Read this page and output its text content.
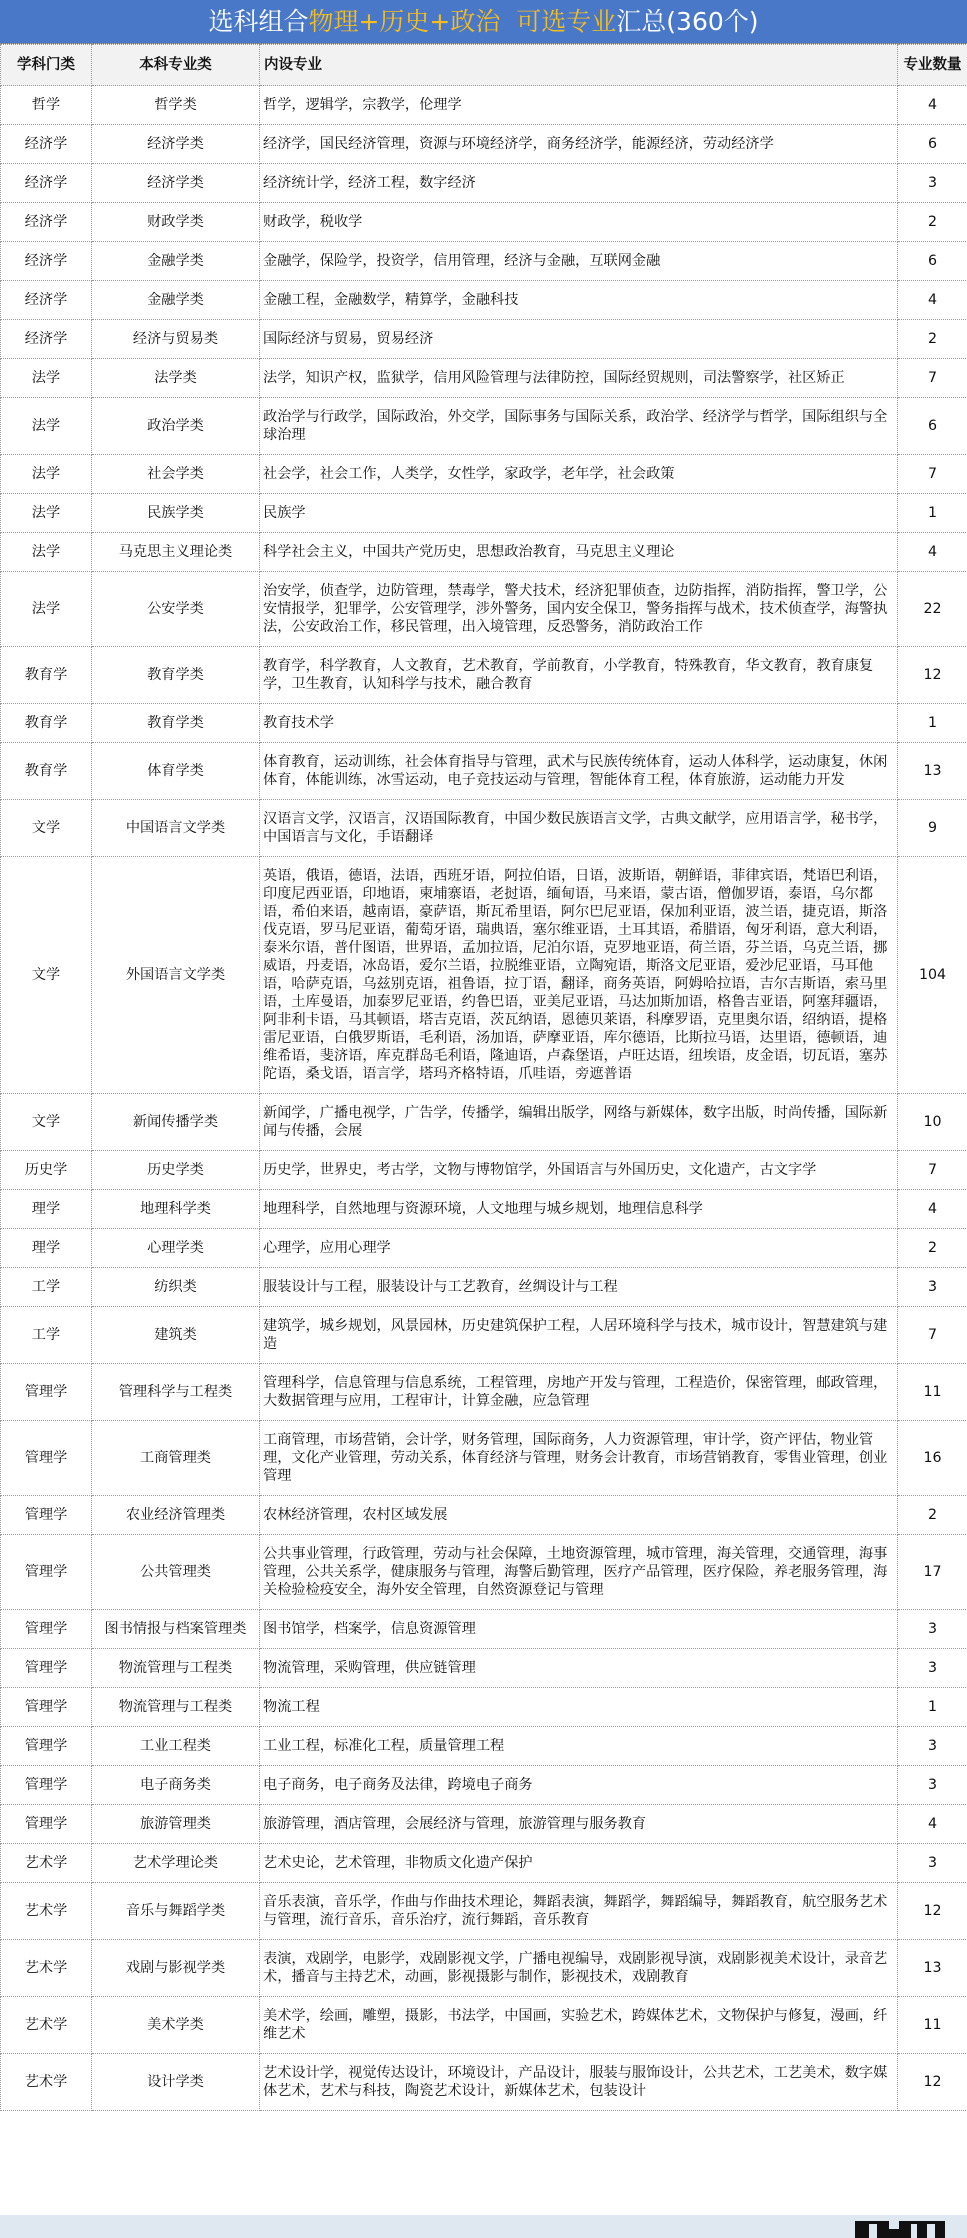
选科组合物理+历史+政治 可选专业汇总(360个)
学科门类	本科专业类	内设专业	专业数量
哲学	哲学类	哲学，逻辑学，宗教学，伦理学	4
经济学	经济学类	经济学，国民经济管理，资源与环境经济学，商务经济学，能源经济，劳动经济学	6
经济学	经济学类	经济统计学，经济工程，数字经济	3
经济学	财政学类	财政学，税收学	2
经济学	金融学类	金融学，保险学，投资学，信用管理，经济与金融，互联网金融	6
经济学	金融学类	金融工程，金融数学，精算学，金融科技	4
经济学	经济与贸易类	国际经济与贸易，贸易经济	2
法学	法学类	法学，知识产权，监狱学，信用风险管理与法律防控，国际经贸规则，司法警察学，社区矫正	7
法学	政治学类	政治学与行政学，国际政治，外交学，国际事务与国际关系，政治学、经济学与哲学，国际组织与全球治理	6
法学	社会学类	社会学，社会工作，人类学，女性学，家政学，老年学，社会政策	7
法学	民族学类	民族学	1
法学	马克思主义理论类	科学社会主义，中国共产党历史，思想政治教育，马克思主义理论	4
法学	公安学类	治安学，侦查学，边防管理，禁毒学，警犬技术，经济犯罪侦查，边防指挥，消防指挥，警卫学，公安情报学，犯罪学，公安管理学，涉外警务，国内安全保卫，警务指挥与战术，技术侦查学，海警执法，公安政治工作，移民管理，出入境管理，反恐警务，消防政治工作	22
教育学	教育学类	教育学，科学教育，人文教育，艺术教育，学前教育，小学教育，特殊教育，华文教育，教育康复学，卫生教育，认知科学与技术，融合教育	12
教育学	教育学类	教育技术学	1
教育学	体育学类	体育教育，运动训练，社会体育指导与管理，武术与民族传统体育，运动人体科学，运动康复，休闲体育，体能训练，冰雪运动，电子竞技运动与管理，智能体育工程，体育旅游，运动能力开发	13
文学	中国语言文学类	汉语言文学，汉语言，汉语国际教育，中国少数民族语言文学，古典文献学，应用语言学，秘书学，中国语言与文化，手语翻译	9
文学	外国语言文学类	英语，俄语，德语，法语，西班牙语，阿拉伯语，日语，波斯语，朝鲜语，菲律宾语，梵语巴利语，印度尼西亚语，印地语，柬埔寨语，老挝语，缅甸语，马来语，蒙古语，僧伽罗语，泰语，乌尔都语，希伯来语，越南语，豪萨语，斯瓦希里语，阿尔巴尼亚语，保加利亚语，波兰语，捷克语，斯洛伐克语，罗马尼亚语，葡萄牙语，瑞典语，塞尔维亚语，土耳其语，希腊语，匈牙利语，意大利语，泰米尔语，普什图语，世界语，孟加拉语，尼泊尔语，克罗地亚语，荷兰语，芬兰语，乌克兰语，挪威语，丹麦语，冰岛语，爱尔兰语，拉脱维亚语，立陶宛语，斯洛文尼亚语，爱沙尼亚语，马耳他语，哈萨克语，乌兹别克语，祖鲁语，拉丁语，翻译，商务英语，阿姆哈拉语，吉尔吉斯语，索马里语，土库曼语，加泰罗尼亚语，约鲁巴语，亚美尼亚语，马达加斯加语，格鲁吉亚语，阿塞拜疆语，阿非利卡语，马其顿语，塔吉克语，茨瓦纳语，恩德贝莱语，科摩罗语，克里奥尔语，绍纳语，提格雷尼亚语，白俄罗斯语，毛利语，汤加语，萨摩亚语，库尔德语，比斯拉马语，达里语，德顿语，迪维希语，斐济语，库克群岛毛利语，隆迪语，卢森堡语，卢旺达语，纽埃语，皮金语，切瓦语，塞苏陀语，桑戈语，语言学，塔玛齐格特语，爪哇语，旁遮普语	104
文学	新闻传播学类	新闻学，广播电视学，广告学，传播学，编辑出版学，网络与新媒体，数字出版，时尚传播，国际新闻与传播，会展	10
历史学	历史学类	历史学，世界史，考古学，文物与博物馆学，外国语言与外国历史，文化遗产，古文字学	7
理学	地理科学类	地理科学，自然地理与资源环境，人文地理与城乡规划，地理信息科学	4
理学	心理学类	心理学，应用心理学	2
工学	纺织类	服装设计与工程，服装设计与工艺教育，丝绸设计与工程	3
工学	建筑类	建筑学，城乡规划，风景园林，历史建筑保护工程，人居环境科学与技术，城市设计，智慧建筑与建造	7
管理学	管理科学与工程类	管理科学，信息管理与信息系统，工程管理，房地产开发与管理，工程造价，保密管理，邮政管理，大数据管理与应用，工程审计，计算金融，应急管理	11
管理学	工商管理类	工商管理，市场营销，会计学，财务管理，国际商务，人力资源管理，审计学，资产评估，物业管理，文化产业管理，劳动关系，体育经济与管理，财务会计教育，市场营销教育，零售业管理，创业管理	16
管理学	农业经济管理类	农林经济管理，农村区域发展	2
管理学	公共管理类	公共事业管理，行政管理，劳动与社会保障，土地资源管理，城市管理，海关管理，交通管理，海事管理，公共关系学，健康服务与管理，海警后勤管理，医疗产品管理，医疗保险，养老服务管理，海关检验检疫安全，海外安全管理，自然资源登记与管理	17
管理学	图书情报与档案管理类	图书馆学，档案学，信息资源管理	3
管理学	物流管理与工程类	物流管理，采购管理，供应链管理	3
管理学	物流管理与工程类	物流工程	1
管理学	工业工程类	工业工程，标准化工程，质量管理工程	3
管理学	电子商务类	电子商务，电子商务及法律，跨境电子商务	3
管理学	旅游管理类	旅游管理，酒店管理，会展经济与管理，旅游管理与服务教育	4
艺术学	艺术学理论类	艺术史论，艺术管理，非物质文化遗产保护	3
艺术学	音乐与舞蹈学类	音乐表演，音乐学，作曲与作曲技术理论，舞蹈表演，舞蹈学，舞蹈编导，舞蹈教育，航空服务艺术与管理，流行音乐，音乐治疗，流行舞蹈，音乐教育	12
艺术学	戏剧与影视学类	表演，戏剧学，电影学，戏剧影视文学，广播电视编导，戏剧影视导演，戏剧影视美术设计，录音艺术，播音与主持艺术，动画，影视摄影与制作，影视技术，戏剧教育	13
艺术学	美术学类	美术学，绘画，雕塑，摄影，书法学，中国画，实验艺术，跨媒体艺术，文物保护与修复，漫画，纤维艺术	11
艺术学	设计学类	艺术设计学，视觉传达设计，环境设计，产品设计，服装与服饰设计，公共艺术，工艺美术，数字媒体艺术，艺术与科技，陶瓷艺术设计，新媒体艺术，包装设计	12
